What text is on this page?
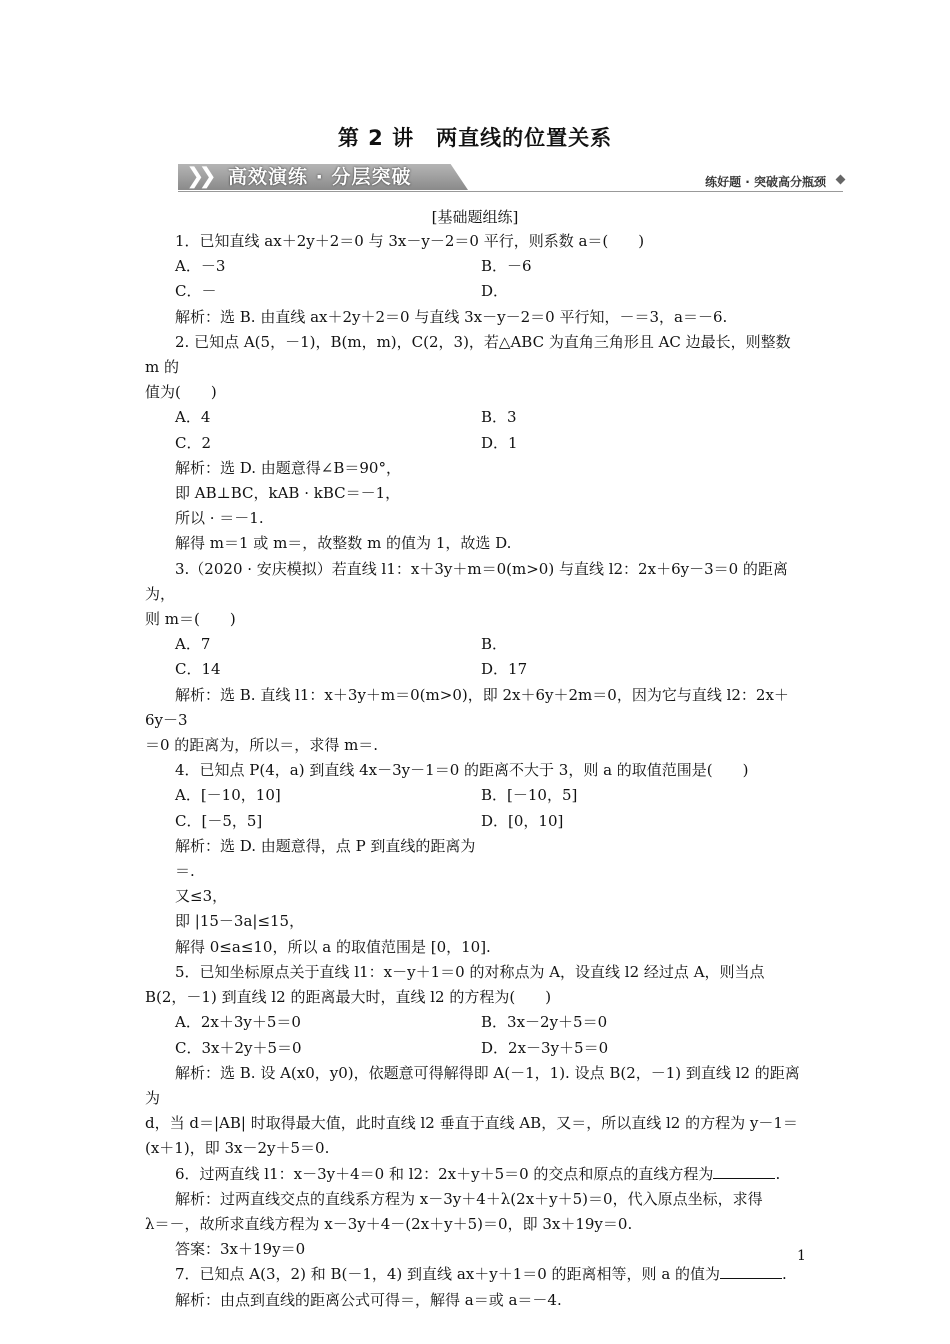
第 2 讲　两直线的位置关系
❯❯ 高效演练 · 分层突破	练好题 · 突破高分瓶颈
[基础题组练]

1．已知直线 ax＋2y＋2＝0 与 3x－y－2＝0 平行，则系数 a＝(　　)

A．－3	B．－6
C．－	D．

解析：选 B. 由直线 ax＋2y＋2＝0 与直线 3x－y－2＝0 平行知，－＝3，a＝－6.

2. 已知点 A(5，－1)，B(m，m)，C(2，3)，若△ABC 为直角三角形且 AC 边最长，则整数 m 的

值为(　　)

A．4	B．3
C．2	D．1

解析：选 D. 由题意得∠B＝90°，

即 AB⊥BC，kAB · kBC＝－1，

所以 · ＝－1.

解得 m＝1 或 m＝，故整数 m 的值为 1，故选 D.

3.（2020 · 安庆模拟）若直线 l1：x＋3y＋m＝0(m>0) 与直线 l2：2x＋6y－3＝0 的距离为，

则 m＝(　　)

A．7	B．
C．14	D．17

解析：选 B. 直线 l1：x＋3y＋m＝0(m>0)，即 2x＋6y＋2m＝0，因为它与直线 l2：2x＋6y－3

＝0 的距离为，所以＝，求得 m＝.

4．已知点 P(4，a) 到直线 4x－3y－1＝0 的距离不大于 3，则 a 的取值范围是(　　)

A．[－10，10]	B．[－10，5]
C．[－5，5]	D．[0，10]

解析：选 D. 由题意得，点 P 到直线的距离为

＝.

又≤3，

即 |15－3a|≤15，

解得 0≤a≤10，所以 a 的取值范围是 [0，10].

5．已知坐标原点关于直线 l1：x－y＋1＝0 的对称点为 A，设直线 l2 经过点 A，则当点

B(2，－1) 到直线 l2 的距离最大时，直线 l2 的方程为(　　)

A．2x＋3y＋5＝0	B．3x－2y＋5＝0
C．3x＋2y＋5＝0	D．2x－3y＋5＝0

解析：选 B. 设 A(x0，y0)，依题意可得解得即 A(－1，1). 设点 B(2，－1) 到直线 l2 的距离为

d，当 d＝|AB| 时取得最大值，此时直线 l2 垂直于直线 AB，又＝，所以直线 l2 的方程为 y－1＝

(x＋1)，即 3x－2y＋5＝0.

6．过两直线 l1：x－3y＋4＝0 和 l2：2x＋y＋5＝0 的交点和原点的直线方程为	.

解析：过两直线交点的直线系方程为 x－3y＋4＋λ(2x＋y＋5)＝0，代入原点坐标，求得

λ＝－，故所求直线方程为 x－3y＋4－(2x＋y＋5)＝0，即 3x＋19y＝0.

答案：3x＋19y＝0

7．已知点 A(3，2) 和 B(－1，4) 到直线 ax＋y＋1＝0 的距离相等，则 a 的值为	.

解析：由点到直线的距离公式可得＝，解得 a＝或 a＝－4.

1
